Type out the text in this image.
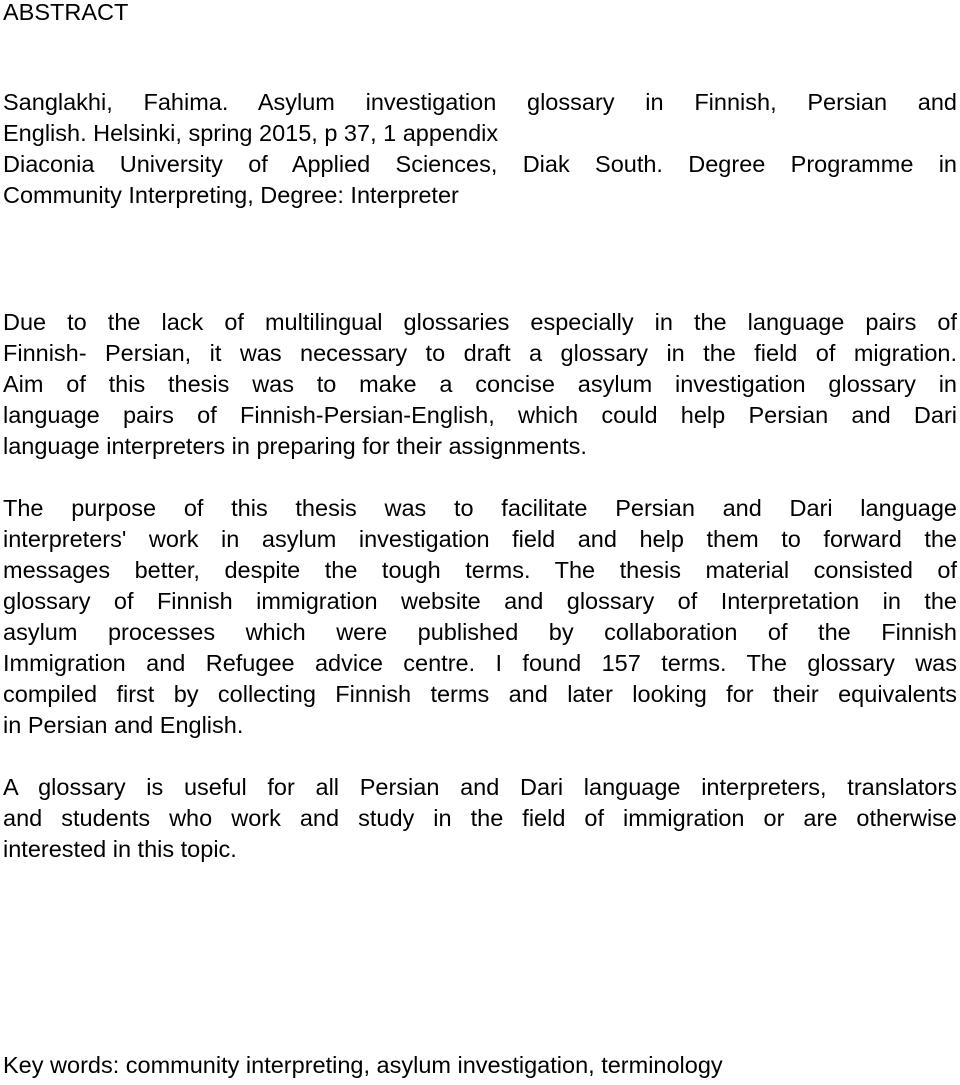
ABSTRACT
Sanglakhi, Fahima. Asylum investigation glossary in Finnish, Persian and
English. Helsinki, spring 2015, p 37, 1 appendix
Diaconia University of Applied Sciences, Diak South. Degree Programme in
Community Interpreting, Degree: Interpreter
Due to the lack of multilingual glossaries especially in the language pairs of
Finnish- Persian, it was necessary to draft a glossary in the field of migration.
Aim of this thesis was to make a concise asylum investigation glossary in
language pairs of Finnish-Persian-English, which could help Persian and Dari
language interpreters in preparing for their assignments.
The purpose of this thesis was to facilitate Persian and Dari language
interpreters' work in asylum investigation field and help them to forward the
messages better, despite the tough terms. The thesis material consisted of
glossary of Finnish immigration website and glossary of Interpretation in the
asylum processes which were published by collaboration of the Finnish
Immigration and Refugee advice centre. I found 157 terms. The glossary was
compiled first by collecting Finnish terms and later looking for their equivalents
in Persian and English.
A glossary is useful for all Persian and Dari language interpreters, translators
and students who work and study in the field of immigration or are otherwise
interested in this topic.
Key words: community interpreting, asylum investigation, terminology
